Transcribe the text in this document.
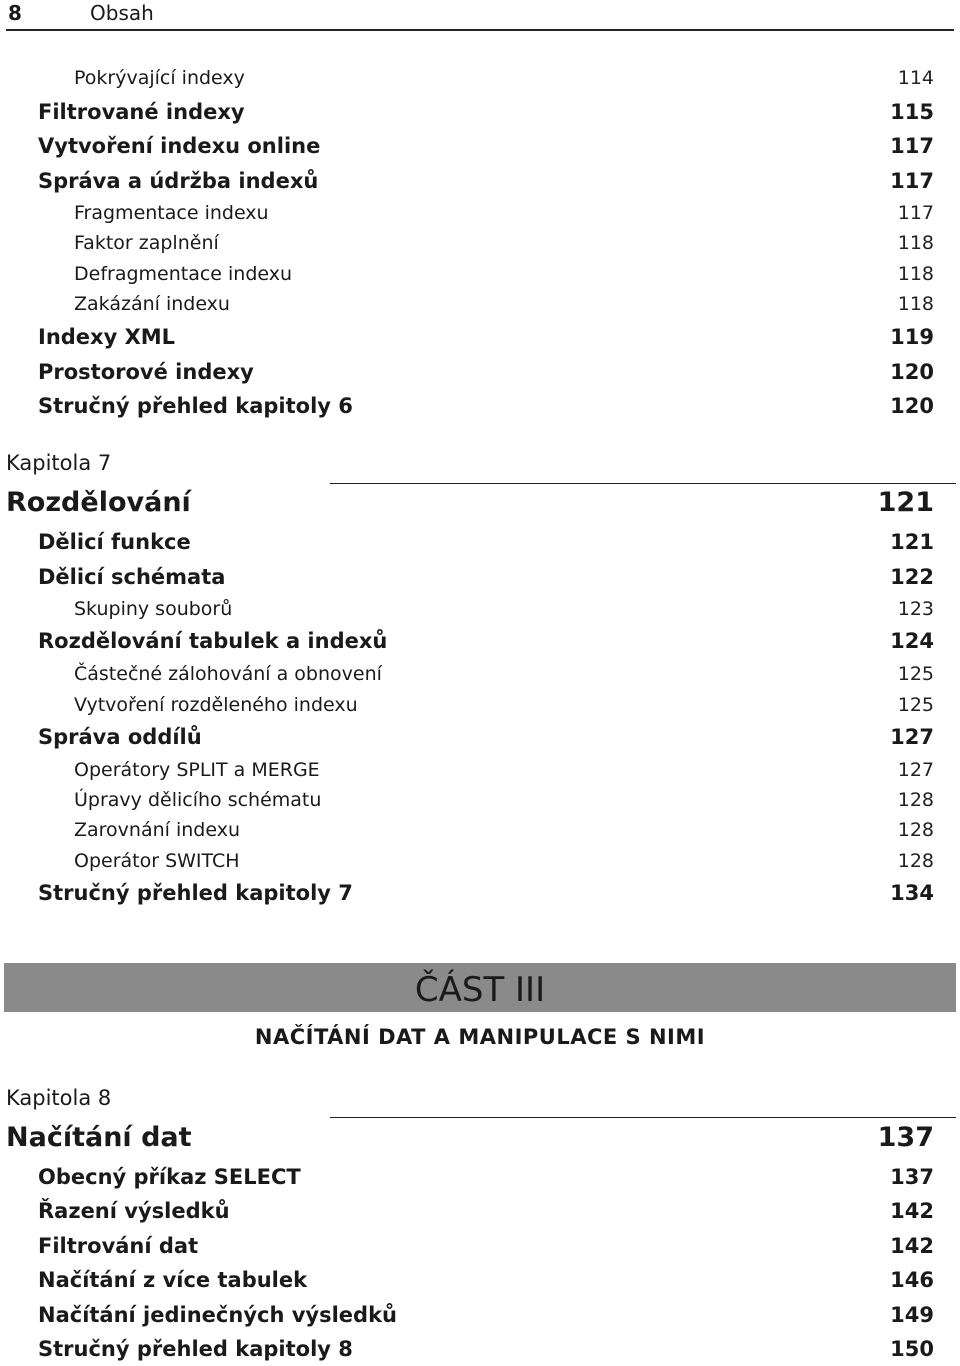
8	Obsah
Pokrývající indexy	114
Filtrované indexy	115
Vytvoření indexu online	117
Správa a údržba indexů	117
Fragmentace indexu	117
Faktor zaplnění	118
Defragmentace indexu	118
Zakázání indexu	118
Indexy XML	119
Prostorové indexy	120
Stručný přehled kapitoly 6	120
Kapitola 7
Rozdělování	121
Dělicí funkce	121
Dělicí schémata	122
Skupiny souborů	123
Rozdělování tabulek a indexů	124
Částečné zálohování a obnovení	125
Vytvoření rozděleného indexu	125
Správa oddílů	127
Operátory SPLIT a MERGE	127
Úpravy dělicího schématu	128
Zarovnání indexu	128
Operátor SWITCH	128
Stručný přehled kapitoly 7	134
ČÁST III
NAČÍTÁNÍ DAT A MANIPULACE S NIMI
Kapitola 8
Načítání dat	137
Obecný příkaz SELECT	137
Řazení výsledků	142
Filtrování dat	142
Načítání z více tabulek	146
Načítání jedinečných výsledků	149
Stručný přehled kapitoly 8	150
